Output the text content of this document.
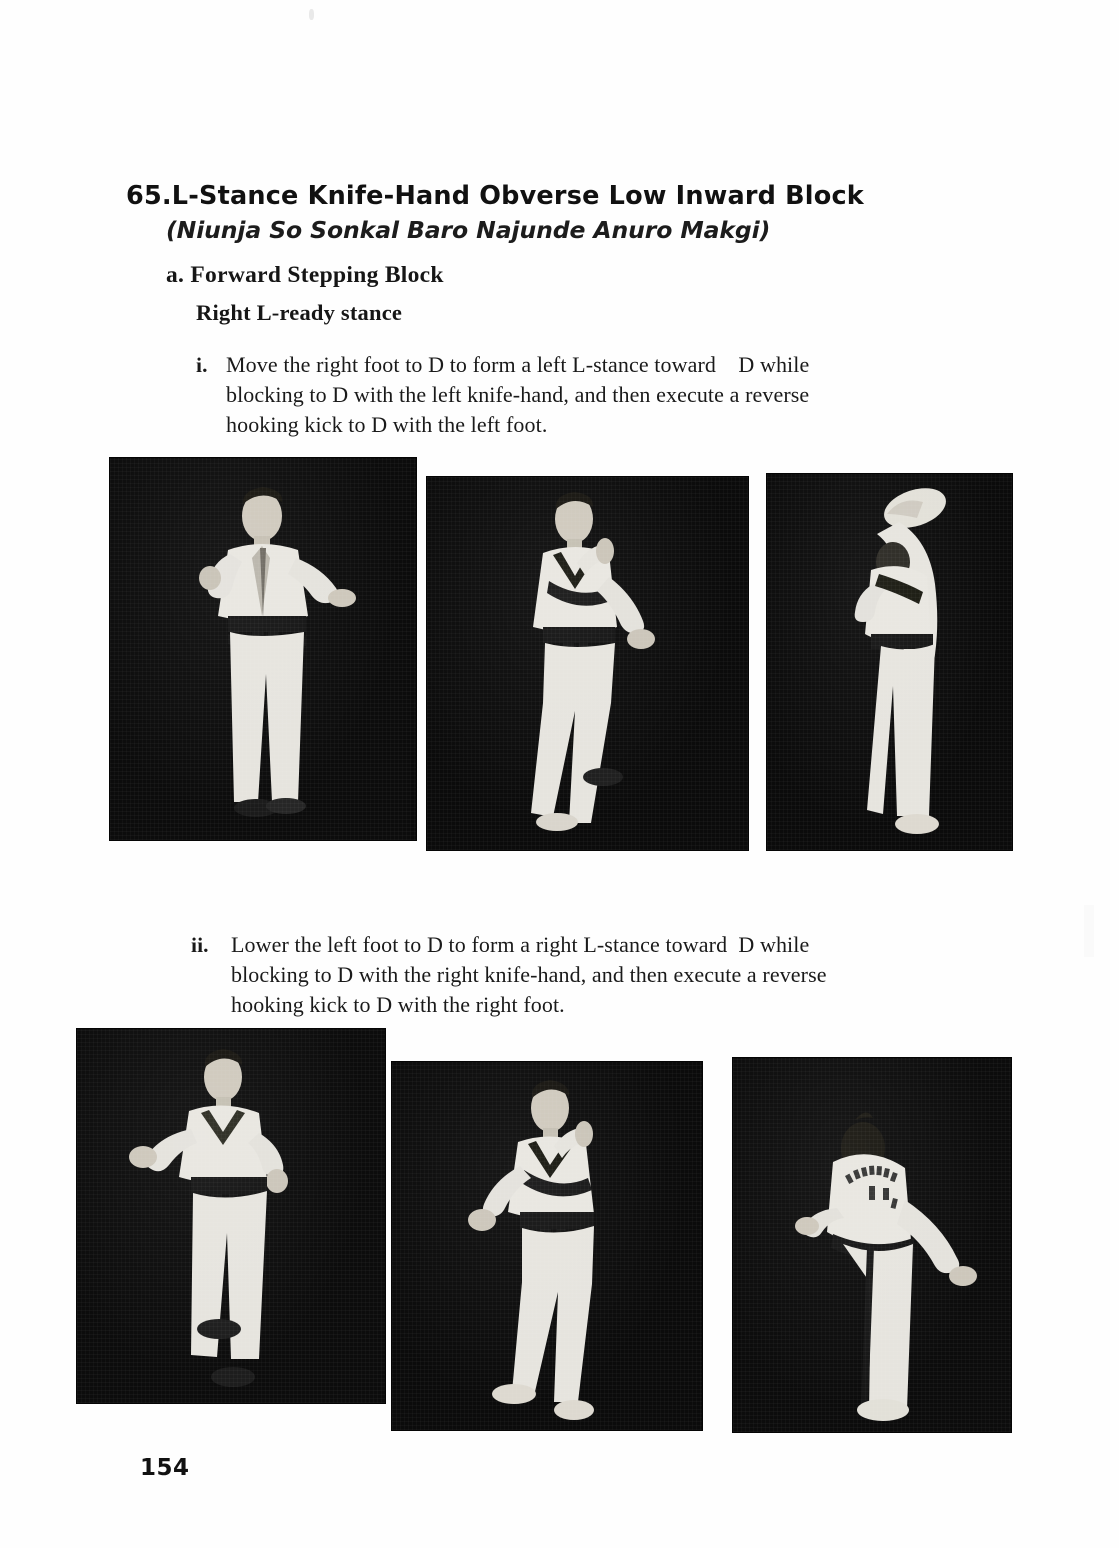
65.L-Stance Knife-Hand Obverse Low Inward Block
(Niunja So Sonkal Baro Najunde Anuro Makgi)
a. Forward Stepping Block
Right L-ready stance
i. Move the right foot to D to form a left L-stance toward    D while
blocking to D with the left knife-hand, and then execute a reverse
hooking kick to D with the left foot.
ii. Lower the left foot to D to form a right L-stance toward  D while
blocking to D with the right knife-hand, and then execute a reverse
hooking kick to D with the right foot.
154
